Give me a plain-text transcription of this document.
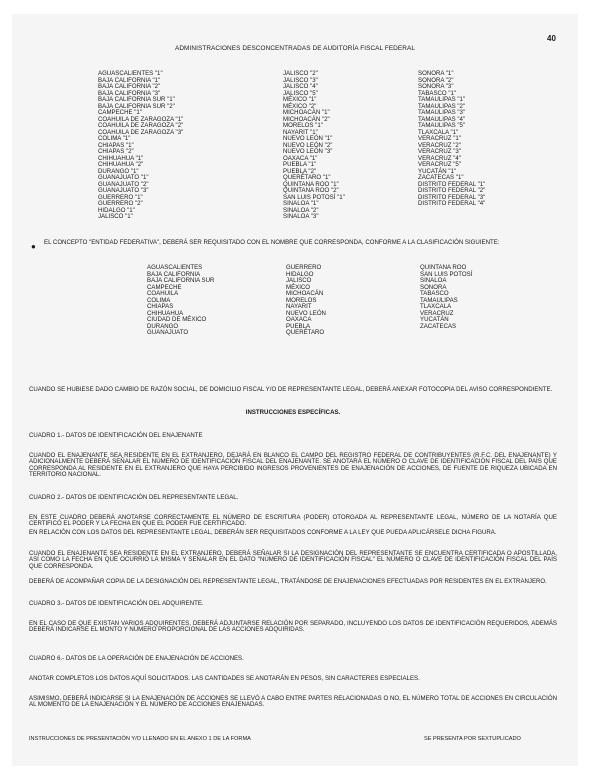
40
ADMINISTRACIONES DESCONCENTRADAS DE AUDITORÍA FISCAL FEDERAL
AGUASCALIENTES "1"
BAJA CALIFORNIA "1"
BAJA CALIFORNIA "2"
BAJA CALIFORNIA "3"
BAJA CALIFORNIA SUR "1"
BAJA CALIFORNIA SUR "2"
CAMPECHE "1"
COAHUILA DE ZARAGOZA "1"
COAHUILA DE ZARAGOZA "2"
COAHUILA DE ZARAGOZA "3"
COLIMA "1"
CHIAPAS "1"
CHIAPAS "2"
CHIHUAHUA "1"
CHIHUAHUA "2"
DURANGO "1"
GUANAJUATO "1"
GUANAJUATO "2"
GUANAJUATO "3"
GUERRERO "1"
GUERRERO "2"
HIDALGO "1"
JALISCO "1"
JALISCO "2"
JALISCO "3"
JALISCO "4"
JALISCO "5"
MÉXICO "1"
MÉXICO "2"
MICHOACÁN "1"
MICHOACÁN "2"
MORELOS "1"
NAYARIT "1"
NUEVO LEÓN "1"
NUEVO LEÓN "2"
NUEVO LEÓN "3"
OAXACA "1"
PUEBLA "1"
PUEBLA "2"
QUERÉTARO "1"
QUINTANA ROO "1"
QUINTANA ROO "2"
SAN LUIS POTOSÍ "1"
SINALOA "1"
SINALOA "2"
SINALOA "3"
SONORA "1"
SONORA "2"
SONORA "3"
TABASCO "1"
TAMAULIPAS "1"
TAMAULIPAS "2"
TAMAULIPAS "3"
TAMAULIPAS "4"
TAMAULIPAS "5"
TLAXCALA "1"
VERACRUZ "1"
VERACRUZ "2"
VERACRUZ "3"
VERACRUZ "4"
VERACRUZ "5"
YUCATÁN "1"
ZACATECAS "1"
DISTRITO FEDERAL "1"
DISTRITO FEDERAL "2"
DISTRITO FEDERAL "3"
DISTRITO FEDERAL "4"
● EL CONCEPTO "ENTIDAD FEDERATIVA", DEBERÁ SER REQUISITADO CON EL NOMBRE QUE CORRESPONDA, CONFORME A LA CLASIFICACIÓN SIGUIENTE:
AGUASCALIENTES
BAJA CALIFORNIA
BAJA CALIFORNIA SUR
CAMPECHE
COAHUILA
COLIMA
CHIAPAS
CHIHUAHUA
CIUDAD DE MÉXICO
DURANGO
GUANAJUATO
GUERRERO
HIDALGO
JALISCO
MÉXICO
MICHOACÁN
MORELOS
NAYARIT
NUEVO LEÓN
OAXACA
PUEBLA
QUERÉTARO
QUINTANA ROO
SAN LUIS POTOSÍ
SINALOA
SONORA
TABASCO
TAMAULIPAS
TLAXCALA
VERACRUZ
YUCATÁN
ZACATECAS
CUANDO SE HUBIESE DADO CAMBIO DE RAZÓN SOCIAL, DE DOMICILIO FISCAL Y/O DE REPRESENTANTE LEGAL, DEBERÁ ANEXAR FOTOCOPIA DEL AVISO CORRESPONDIENTE.
INSTRUCCIONES ESPECÍFICAS.
CUADRO 1.- DATOS DE IDENTIFICACIÓN DEL ENAJENANTE
CUANDO EL ENAJENANTE SEA RESIDENTE EN EL EXTRANJERO, DEJARÁ EN BLANCO EL CAMPO DEL REGISTRO FEDERAL DE CONTRIBUYENTES (R.F.C. DEL ENAJENANTE) Y ADICIONALMENTE DEBERÁ SEÑALAR EL NÚMERO DE IDENTIFICACIÓN FISCAL DEL ENAJENANTE. SE ANOTARÁ EL NÚMERO O CLAVE DE IDENTIFICACIÓN FISCAL DEL PAÍS QUE CORRESPONDA AL RESIDENTE EN EL EXTRANJERO QUE HAYA PERCIBIDO INGRESOS PROVENIENTES DE ENAJENACIÓN DE ACCIONES, DE FUENTE DE RIQUEZA UBICADA EN TERRITORIO NACIONAL.
CUADRO 2.- DATOS DE IDENTIFICACIÓN DEL REPRESENTANTE LEGAL.
EN ESTE CUADRO DEBERÁ ANOTARSE CORRECTAMENTE EL NÚMERO DE ESCRITURA (PODER) OTORGADA AL REPRESENTANTE LEGAL, NÚMERO DE LA NOTARÍA QUE CERTIFICÓ EL PODER Y LA FECHA EN QUE EL PODER FUE CERTIFICADO.
EN RELACIÓN CON LOS DATOS DEL REPRESENTANTE LEGAL, DEBERÁN SER REQUISITADOS CONFORME A LA LEY QUE PUEDA APLICÁRSELE DICHA FIGURA.
CUANDO EL ENAJENANTE SEA RESIDENTE EN EL EXTRANJERO, DEBERÁ SEÑALAR SI LA DESIGNACIÓN DEL REPRESENTANTE SE ENCUENTRA CERTIFICADA O APOSTILLADA, ASÍ COMO LA FECHA EN QUE OCURRIÓ LA MISMA Y SEÑALAR EN EL DATO "NÚMERO DE IDENTIFICACIÓN FISCAL" EL NÚMERO O CLAVE DE IDENTIFICACIÓN FISCAL DEL PAÍS QUE CORRESPONDA.
DEBERÁ DE ACOMPAÑAR COPIA DE LA DESIGNACIÓN DEL REPRESENTANTE LEGAL, TRATÁNDOSE DE ENAJENACIONES EFECTUADAS POR RESIDENTES EN EL EXTRANJERO.
CUADRO 3.- DATOS DE IDENTIFICACIÓN DEL ADQUIRENTE.
EN EL CASO DE QUE EXISTAN VARIOS ADQUIRENTES, DEBERÁ ADJUNTARSE RELACIÓN POR SEPARADO, INCLUYENDO LOS DATOS DE IDENTIFICACIÓN REQUERIDOS, ADEMÁS DEBERÁ INDICARSE EL MONTO Y NÚMERO PROPORCIONAL DE LAS ACCIONES ADQUIRIDAS.
CUADRO 6.- DATOS DE LA OPERACIÓN DE ENAJENACIÓN DE ACCIONES.
ANOTAR COMPLETOS LOS DATOS AQUÍ SOLICITADOS. LAS CANTIDADES SE ANOTARÁN EN PESOS, SIN CARACTERES ESPECIALES.
ASIMISMO, DEBERÁ INDICARSE SI LA ENAJENACIÓN DE ACCIONES SE LLEVÓ A CABO ENTRE PARTES RELACIONADAS O NO, EL NÚMERO TOTAL DE ACCIONES EN CIRCULACIÓN AL MOMENTO DE LA ENAJENACIÓN Y EL NÚMERO DE ACCIONES ENAJENADAS.
INSTRUCCIONES DE PRESENTACIÓN Y/O LLENADO EN EL ANEXO 1 DE LA FORMA	SE PRESENTA POR SEXTUPLICADO
